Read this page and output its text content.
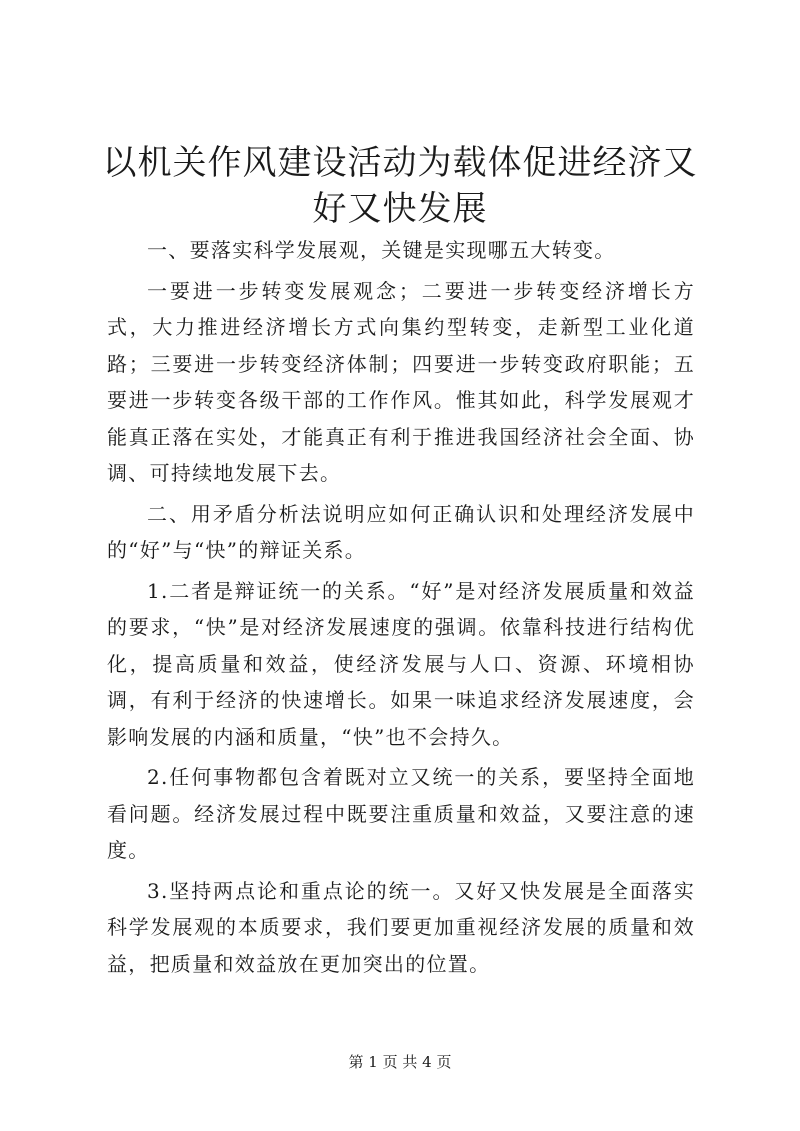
以机关作风建设活动为载体促进经济又好又快发展

一、要落实科学发展观，关键是实现哪五大转变。

一要进一步转变发展观念；二要进一步转变经济增长方式，大力推进经济增长方式向集约型转变，走新型工业化道路；三要进一步转变经济体制；四要进一步转变政府职能；五要进一步转变各级干部的工作作风。惟其如此，科学发展观才能真正落在实处，才能真正有利于推进我国经济社会全面、协调、可持续地发展下去。

二、用矛盾分析法说明应如何正确认识和处理经济发展中的“好”与“快”的辩证关系。

1.二者是辩证统一的关系。“好”是对经济发展质量和效益的要求，“快”是对经济发展速度的强调。依靠科技进行结构优化，提高质量和效益，使经济发展与人口、资源、环境相协调，有利于经济的快速增长。如果一味追求经济发展速度，会影响发展的内涵和质量，“快”也不会持久。

2.任何事物都包含着既对立又统一的关系，要坚持全面地看问题。经济发展过程中既要注重质量和效益，又要注意的速度。

3.坚持两点论和重点论的统一。又好又快发展是全面落实科学发展观的本质要求，我们要更加重视经济发展的质量和效益，把质量和效益放在更加突出的位置。

第 1 页 共 4 页
